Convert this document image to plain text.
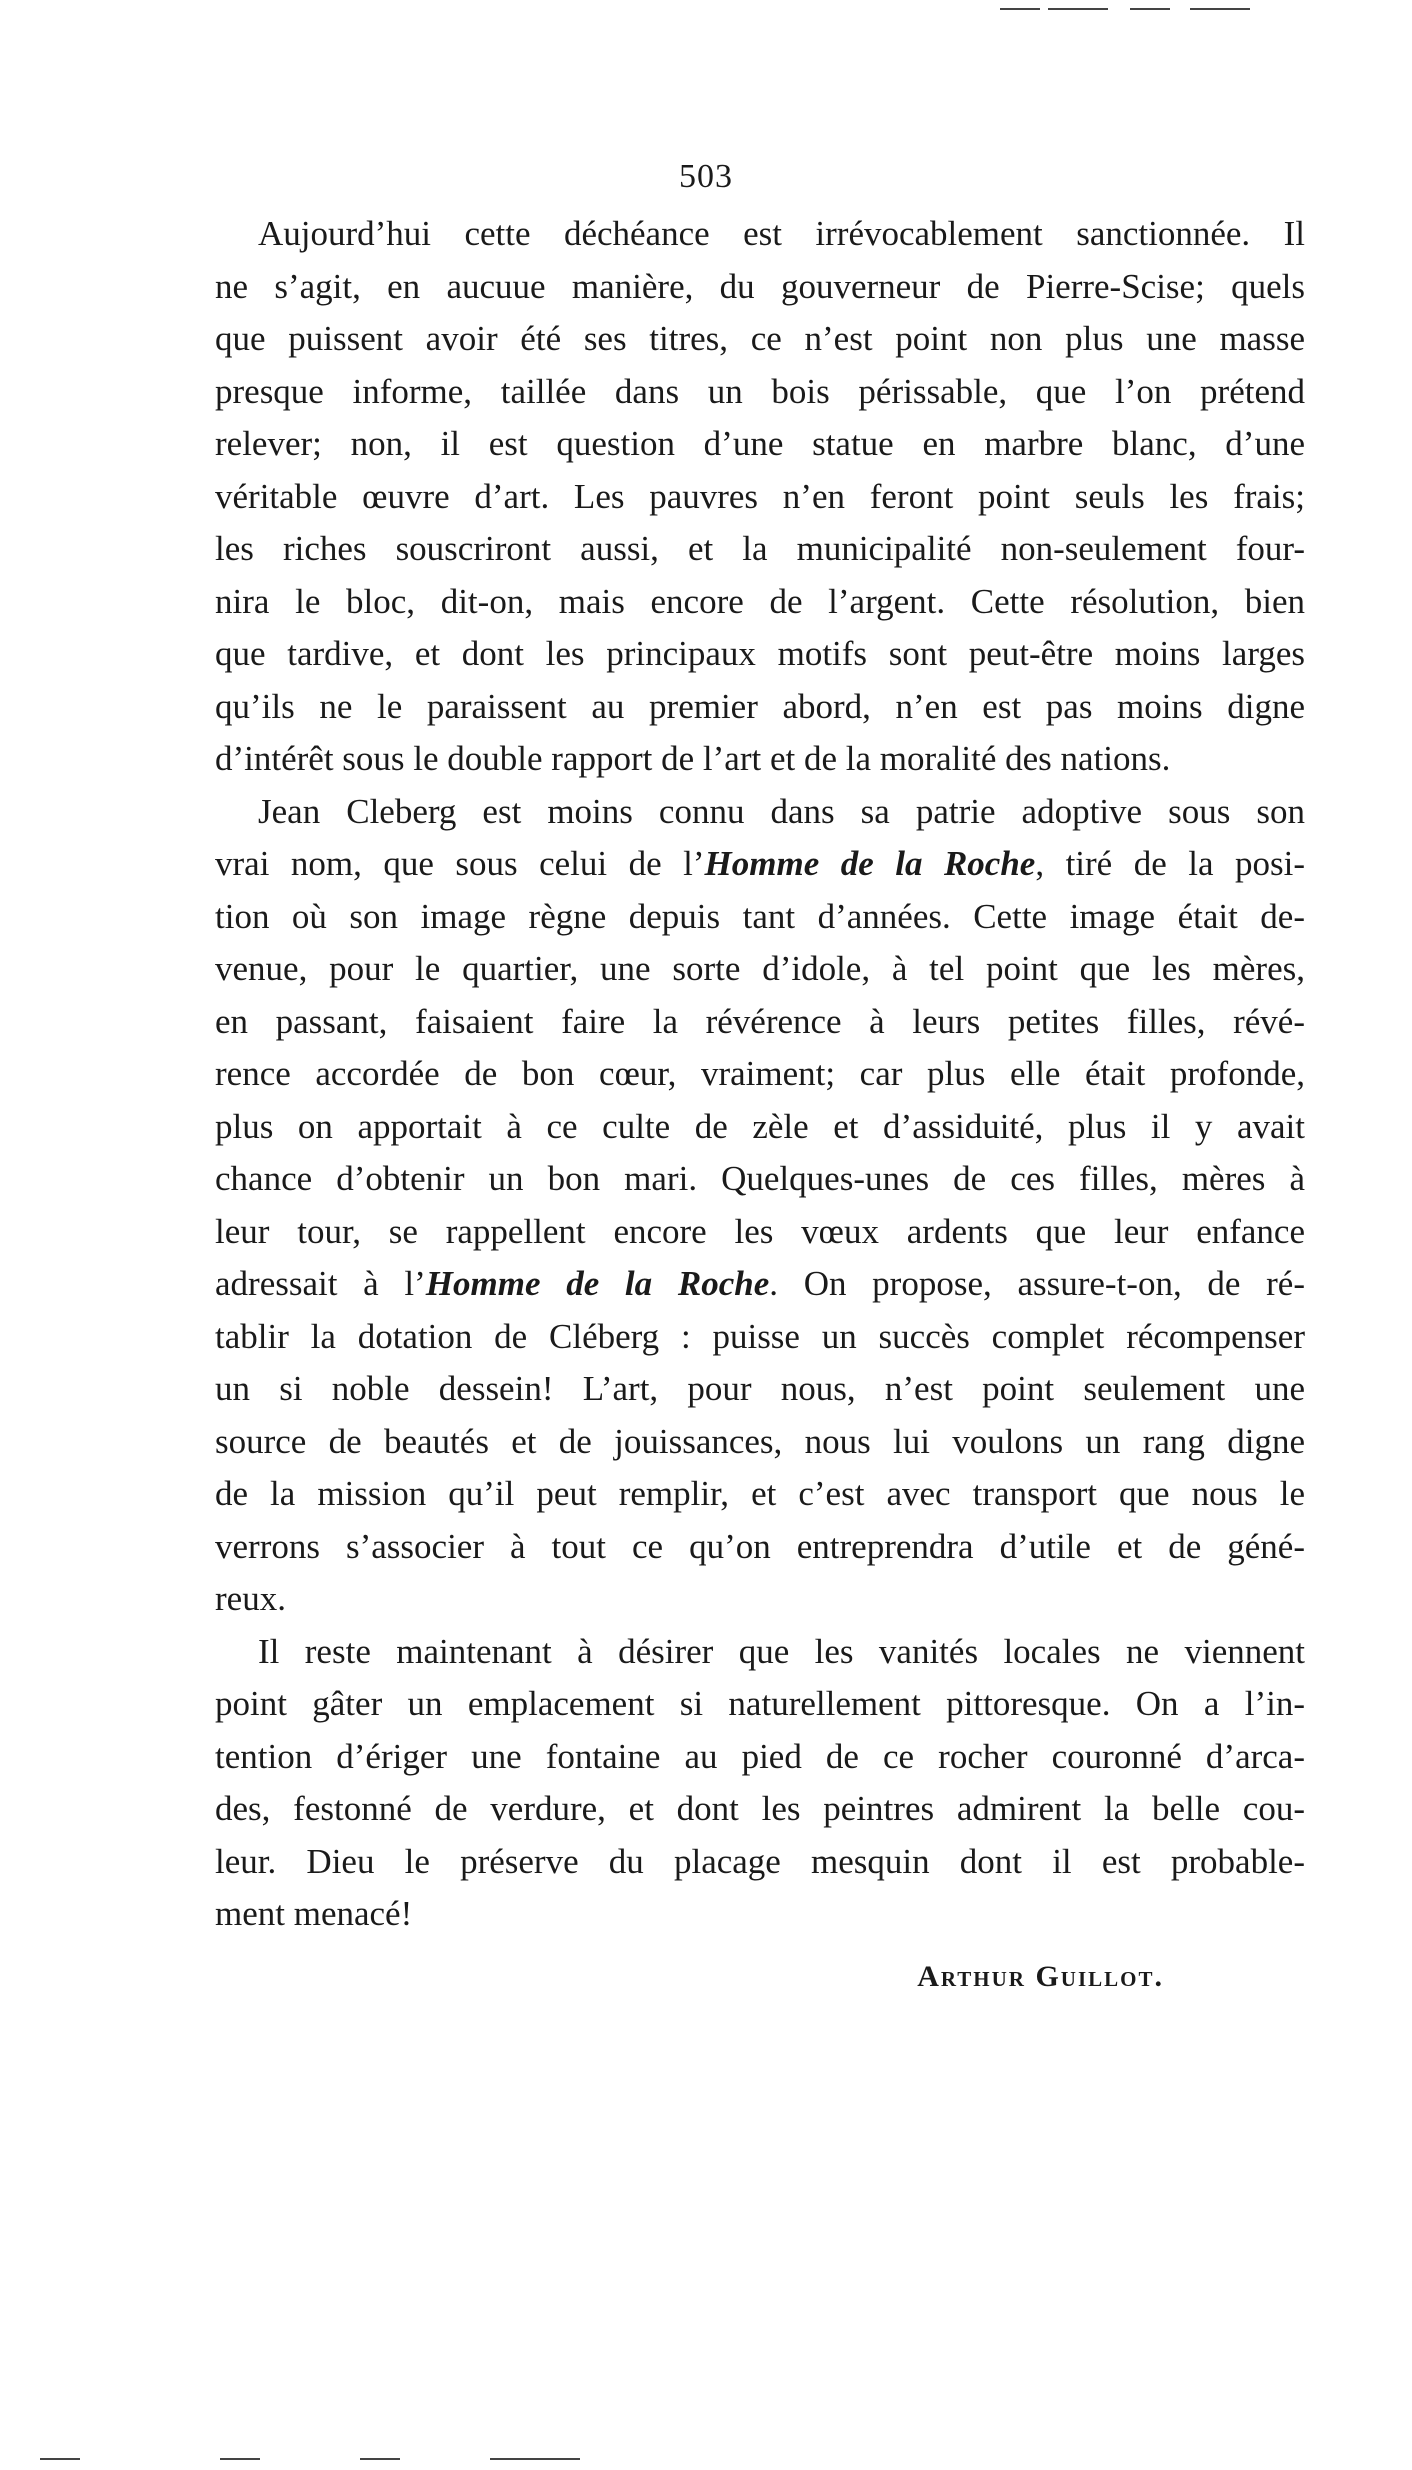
503
Aujourd’hui cette déchéance est irrévocablement sanctionnée. Il
ne s’agit, en aucuue manière, du gouverneur de Pierre-Scise; quels
que puissent avoir été ses titres, ce n’est point non plus une masse
presque informe, taillée dans un bois périssable, que l’on prétend
relever; non, il est question d’une statue en marbre blanc, d’une
véritable œuvre d’art. Les pauvres n’en feront point seuls les frais;
les riches souscriront aussi, et la municipalité non-seulement four-
nira le bloc, dit-on, mais encore de l’argent. Cette résolution, bien
que tardive, et dont les principaux motifs sont peut-être moins larges
qu’ils ne le paraissent au premier abord, n’en est pas moins digne
d’intérêt sous le double rapport de l’art et de la moralité des nations.
Jean Cleberg est moins connu dans sa patrie adoptive sous son
vrai nom, que sous celui de l’Homme de la Roche, tiré de la posi-
tion où son image règne depuis tant d’années. Cette image était de-
venue, pour le quartier, une sorte d’idole, à tel point que les mères,
en passant, faisaient faire la révérence à leurs petites filles, révé-
rence accordée de bon cœur, vraiment; car plus elle était profonde,
plus on apportait à ce culte de zèle et d’assiduité, plus il y avait
chance d’obtenir un bon mari. Quelques-unes de ces filles, mères à
leur tour, se rappellent encore les vœux ardents que leur enfance
adressait à l’Homme de la Roche. On propose, assure-t-on, de ré-
tablir la dotation de Cléberg : puisse un succès complet récompenser
un si noble dessein! L’art, pour nous, n’est point seulement une
source de beautés et de jouissances, nous lui voulons un rang digne
de la mission qu’il peut remplir, et c’est avec transport que nous le
verrons s’associer à tout ce qu’on entreprendra d’utile et de géné-
reux.
Il reste maintenant à désirer que les vanités locales ne viennent
point gâter un emplacement si naturellement pittoresque. On a l’in-
tention d’ériger une fontaine au pied de ce rocher couronné d’arca-
des, festonné de verdure, et dont les peintres admirent la belle cou-
leur. Dieu le préserve du placage mesquin dont il est probable-
ment menacé!
Arthur Guillot.
